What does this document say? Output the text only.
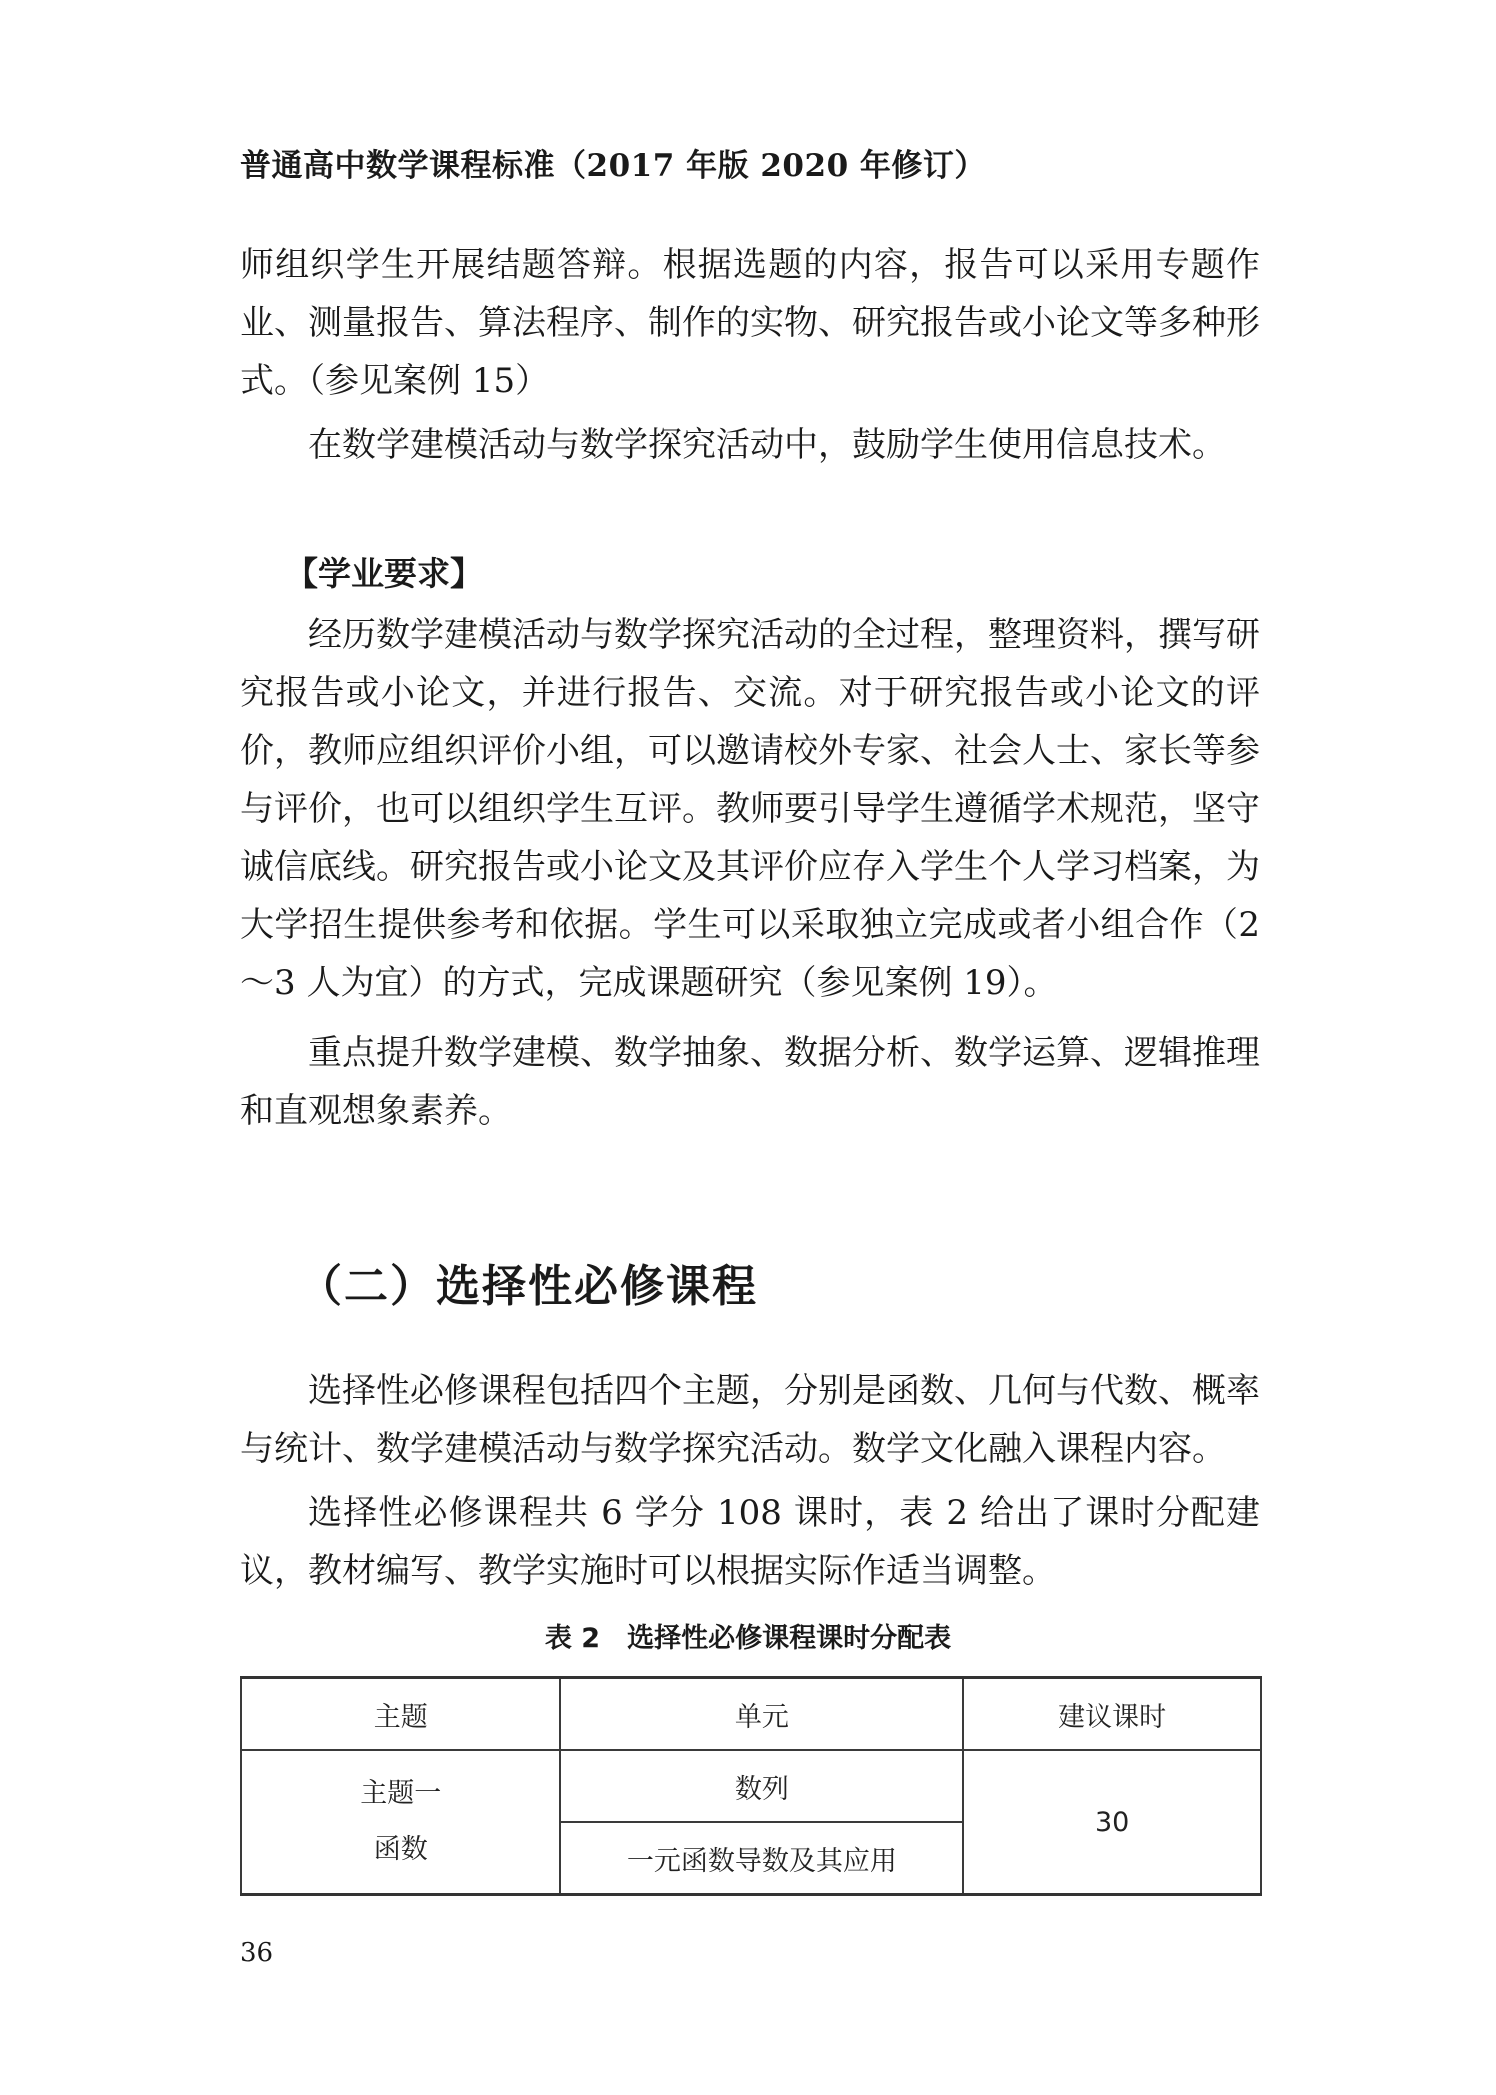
普通高中数学课程标准（2017 年版 2020 年修订）

师组织学生开展结题答辩。根据选题的内容，报告可以采用专题作业、测量报告、算法程序、制作的实物、研究报告或小论文等多种形式。（参见案例 15）

在数学建模活动与数学探究活动中，鼓励学生使用信息技术。

【学业要求】

经历数学建模活动与数学探究活动的全过程，整理资料，撰写研究报告或小论文，并进行报告、交流。对于研究报告或小论文的评价，教师应组织评价小组，可以邀请校外专家、社会人士、家长等参与评价，也可以组织学生互评。教师要引导学生遵循学术规范，坚守诚信底线。研究报告或小论文及其评价应存入学生个人学习档案，为大学招生提供参考和依据。学生可以采取独立完成或者小组合作（2～3 人为宜）的方式，完成课题研究（参见案例 19）。

重点提升数学建模、数学抽象、数据分析、数学运算、逻辑推理和直观想象素养。

（二）选择性必修课程

选择性必修课程包括四个主题，分别是函数、几何与代数、概率与统计、数学建模活动与数学探究活动。数学文化融入课程内容。

选择性必修课程共 6 学分 108 课时，表 2 给出了课时分配建议，教材编写、教学实施时可以根据实际作适当调整。

表 2　选择性必修课程课时分配表
主题	单元	建议课时

主题一
函数	数列	30
	一元函数导数及其应用	
36
